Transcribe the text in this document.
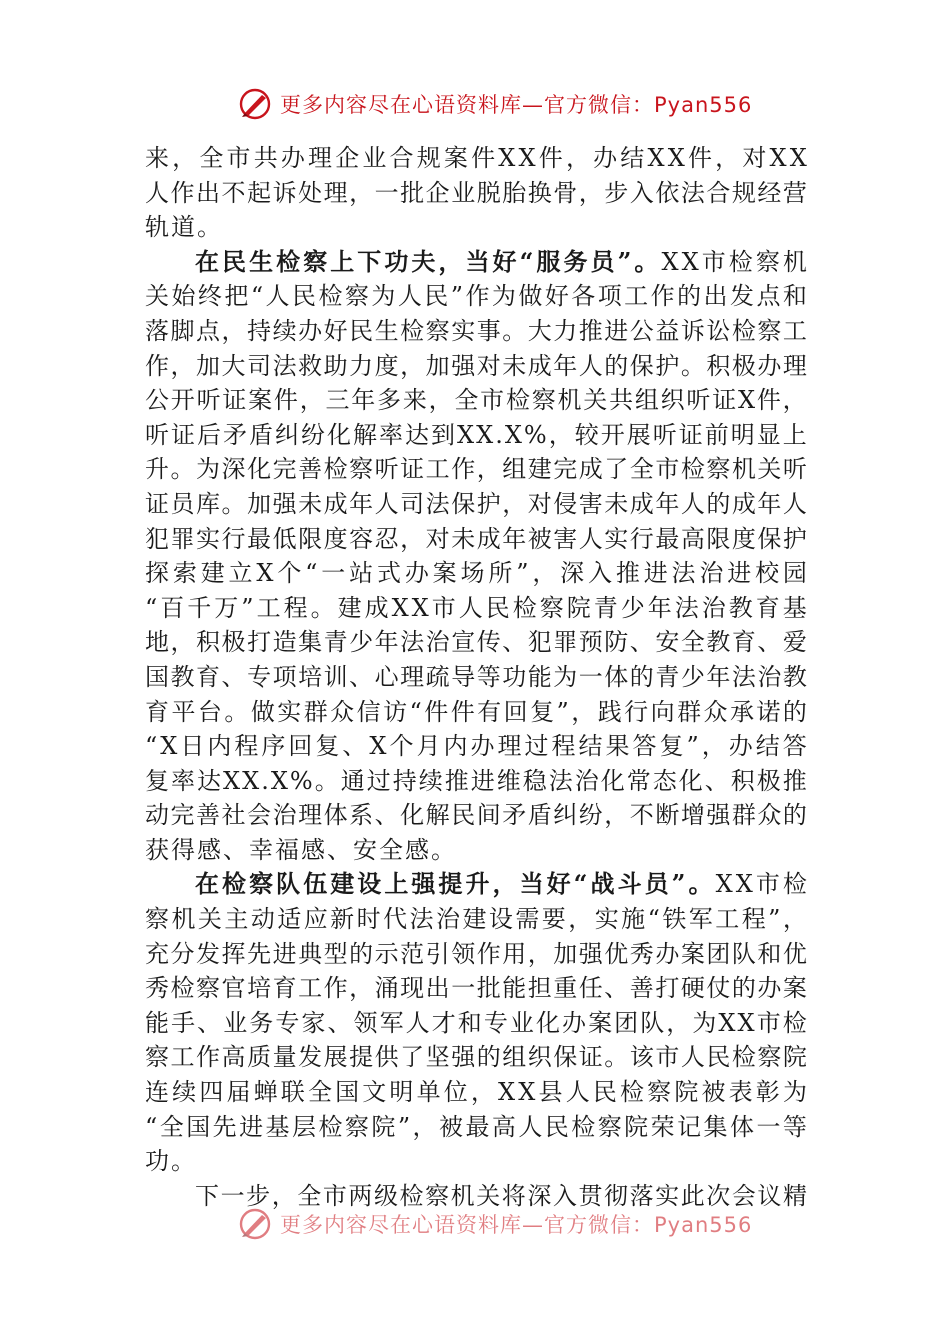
更多内容尽在心语资料库—官方微信：Pyan556
来 ， 全 市 共 办 理 企 业 合 规 案 件 X X 件 ， 办 结 X X 件 ， 对 X X
人 作 出 不 起 诉 处 理 ， 一 批 企 业 脱 胎 换 骨 ， 步 入 依 法 合 规 经 营
轨道。
在 民 生 检 察 上 下 功 夫 ， 当 好 “ 服 务 员 ” 。 X X 市 检 察 机
关 始 终 把 “ 人 民 检 察 为 人 民 ” 作 为 做 好 各 项 工 作 的 出 发 点 和
落 脚 点 ， 持 续 办 好 民 生 检 察 实 事 。 大 力 推 进 公 益 诉 讼 检 察 工
作 ， 加 大 司 法 救 助 力 度 ， 加 强 对 未 成 年 人 的 保 护 。 积 极 办 理
公 开 听 证 案 件 ， 三 年 多 来 ， 全 市 检 察 机 关 共 组 织 听 证 X 件 ，
听 证 后 矛 盾 纠 纷 化 解 率 达 到 X X . X % ， 较 开 展 听 证 前 明 显 上
升 。 为 深 化 完 善 检 察 听 证 工 作 ， 组 建 完 成 了 全 市 检 察 机 关 听
证 员 库 。 加 强 未 成 年 人 司 法 保 护 ， 对 侵 害 未 成 年 人 的 成 年 人
犯 罪 实 行 最 低 限 度 容 忍 ， 对 未 成 年 被 害 人 实 行 最 高 限 度 保 护
探 索 建 立 X 个 “ 一 站 式 办 案 场 所 ” ， 深 入 推 进 法 治 进 校 园
“ 百 千 万 ” 工 程 。 建 成 X X 市 人 民 检 察 院 青 少 年 法 治 教 育 基
地 ， 积 极 打 造 集 青 少 年 法 治 宣 传 、 犯 罪 预 防 、 安 全 教 育 、 爱
国 教 育 、 专 项 培 训 、 心 理 疏 导 等 功 能 为 一 体 的 青 少 年 法 治 教
育 平 台 。 做 实 群 众 信 访 “ 件 件 有 回 复 ” ， 践 行 向 群 众 承 诺 的
“ X 日 内 程 序 回 复 、 X 个 月 内 办 理 过 程 结 果 答 复 ” ， 办 结 答
复 率 达 X X . X % 。 通 过 持 续 推 进 维 稳 法 治 化 常 态 化 、 积 极 推
动 完 善 社 会 治 理 体 系 、 化 解 民 间 矛 盾 纠 纷 ， 不 断 增 强 群 众 的
获得感、幸福感、安全感。
在 检 察 队 伍 建 设 上 强 提 升 ， 当 好 “ 战 斗 员 ” 。 X X 市 检
察 机 关 主 动 适 应 新 时 代 法 治 建 设 需 要 ， 实 施 “ 铁 军 工 程 ” ，
充 分 发 挥 先 进 典 型 的 示 范 引 领 作 用 ， 加 强 优 秀 办 案 团 队 和 优
秀 检 察 官 培 育 工 作 ， 涌 现 出 一 批 能 担 重 任 、 善 打 硬 仗 的 办 案
能 手 、 业 务 专 家 、 领 军 人 才 和 专 业 化 办 案 团 队 ， 为 X X 市 检
察 工 作 高 质 量 发 展 提 供 了 坚 强 的 组 织 保 证 。 该 市 人 民 检 察 院
连 续 四 届 蝉 联 全 国 文 明 单 位 ， X X 县 人 民 检 察 院 被 表 彰 为
“ 全 国 先 进 基 层 检 察 院 ” ， 被 最 高 人 民 检 察 院 荣 记 集 体 一 等
功。
下 一 步 ， 全 市 两 级 检 察 机 关 将 深 入 贯 彻 落 实 此 次 会 议 精
更多内容尽在心语资料库—官方微信：Pyan556
